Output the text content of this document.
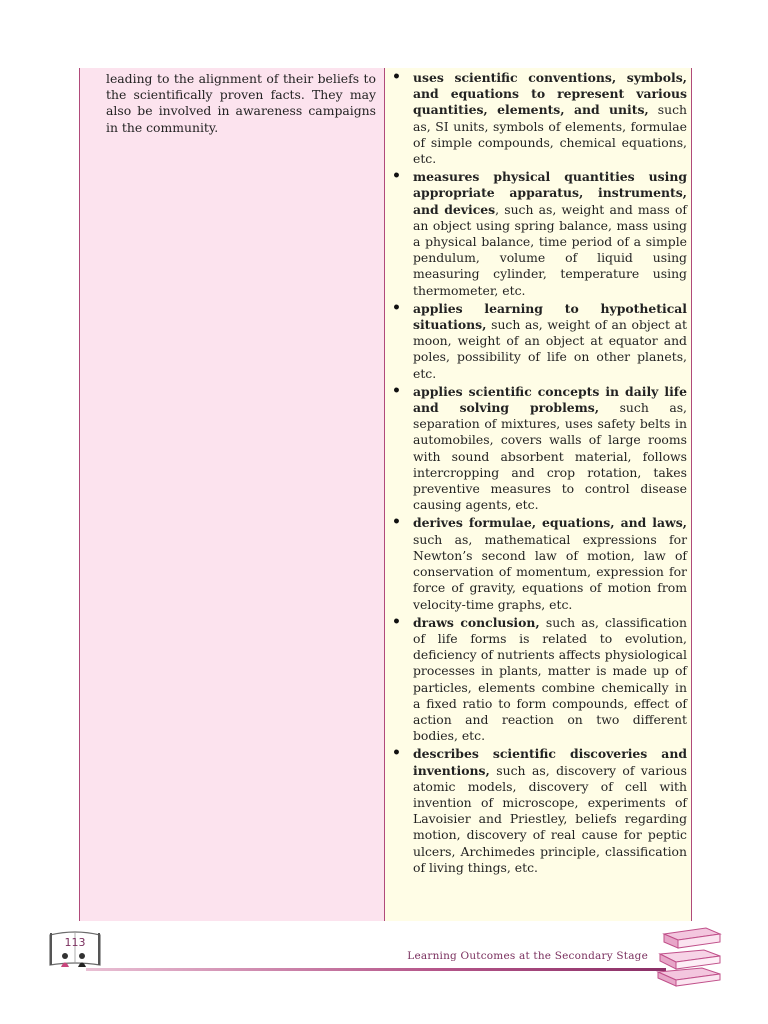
leading to the alignment of their beliefs to the scientifically proven facts. They may also be involved in awareness campaigns in the community.

• uses scientific conventions, symbols, and equations to represent various quantities, elements, and units, such as, SI units, symbols of elements, formulae of simple compounds, chemical equations, etc.
• measures physical quantities using appropriate apparatus, instruments, and devices, such as, weight and mass of an object using spring balance, mass using a physical balance, time period of a simple pendulum, volume of liquid using measuring cylinder, temperature using thermometer, etc.
• applies learning to hypothetical situations, such as, weight of an object at moon, weight of an object at equator and poles, possibility of life on other planets, etc.
• applies scientific concepts in daily life and solving problems, such as, separation of mixtures, uses safety belts in automobiles, covers walls of large rooms with sound absorbent material, follows intercropping and crop rotation, takes preventive measures to control disease causing agents, etc.
• derives formulae, equations, and laws, such as, mathematical expressions for Newton’s second law of motion, law of conservation of momentum, expression for force of gravity, equations of motion from velocity-time graphs, etc.
• draws conclusion, such as, classification of life forms is related to evolution, deficiency of nutrients affects physiological processes in plants, matter is made up of particles, elements combine chemically in a fixed ratio to form compounds, effect of action and reaction on two different bodies, etc.
• describes scientific discoveries and inventions, such as, discovery of various atomic models, discovery of cell with invention of microscope, experiments of Lavoisier and Priestley, beliefs regarding motion, discovery of real cause for peptic ulcers, Archimedes principle, classification of living things, etc.
113
Learning Outcomes at the Secondary Stage
